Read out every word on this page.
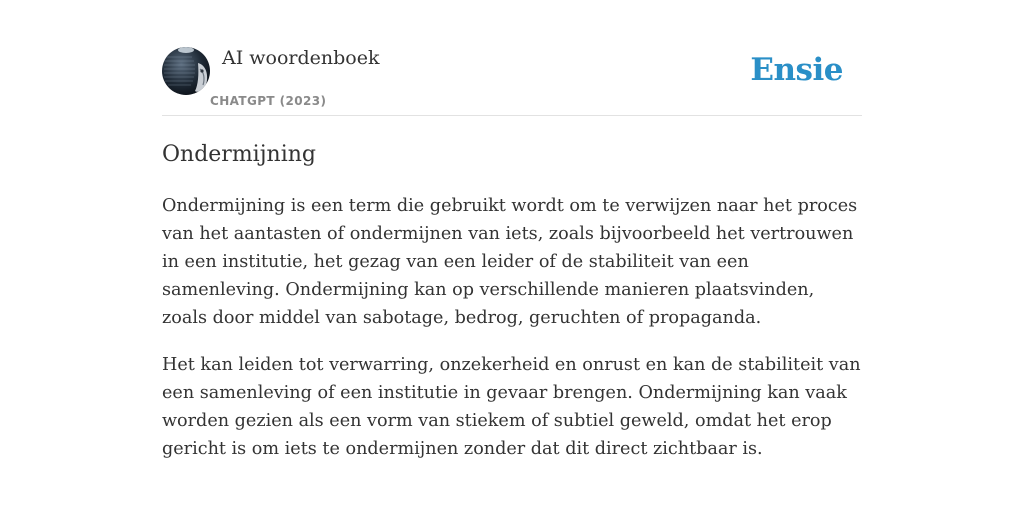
AI woordenboek
CHATGPT (2023)
Ensie
Ondermijning

Ondermijning is een term die gebruikt wordt om te verwijzen naar het proces van het aantasten of ondermijnen van iets, zoals bijvoorbeeld het vertrouwen in een institutie, het gezag van een leider of de stabiliteit van een samenleving. Ondermijning kan op verschillende manieren plaatsvinden, zoals door middel van sabotage, bedrog, geruchten of propaganda.

Het kan leiden tot verwarring, onzekerheid en onrust en kan de stabiliteit van een samenleving of een institutie in gevaar brengen. Ondermijning kan vaak worden gezien als een vorm van stiekem of subtiel geweld, omdat het erop gericht is om iets te ondermijnen zonder dat dit direct zichtbaar is.
